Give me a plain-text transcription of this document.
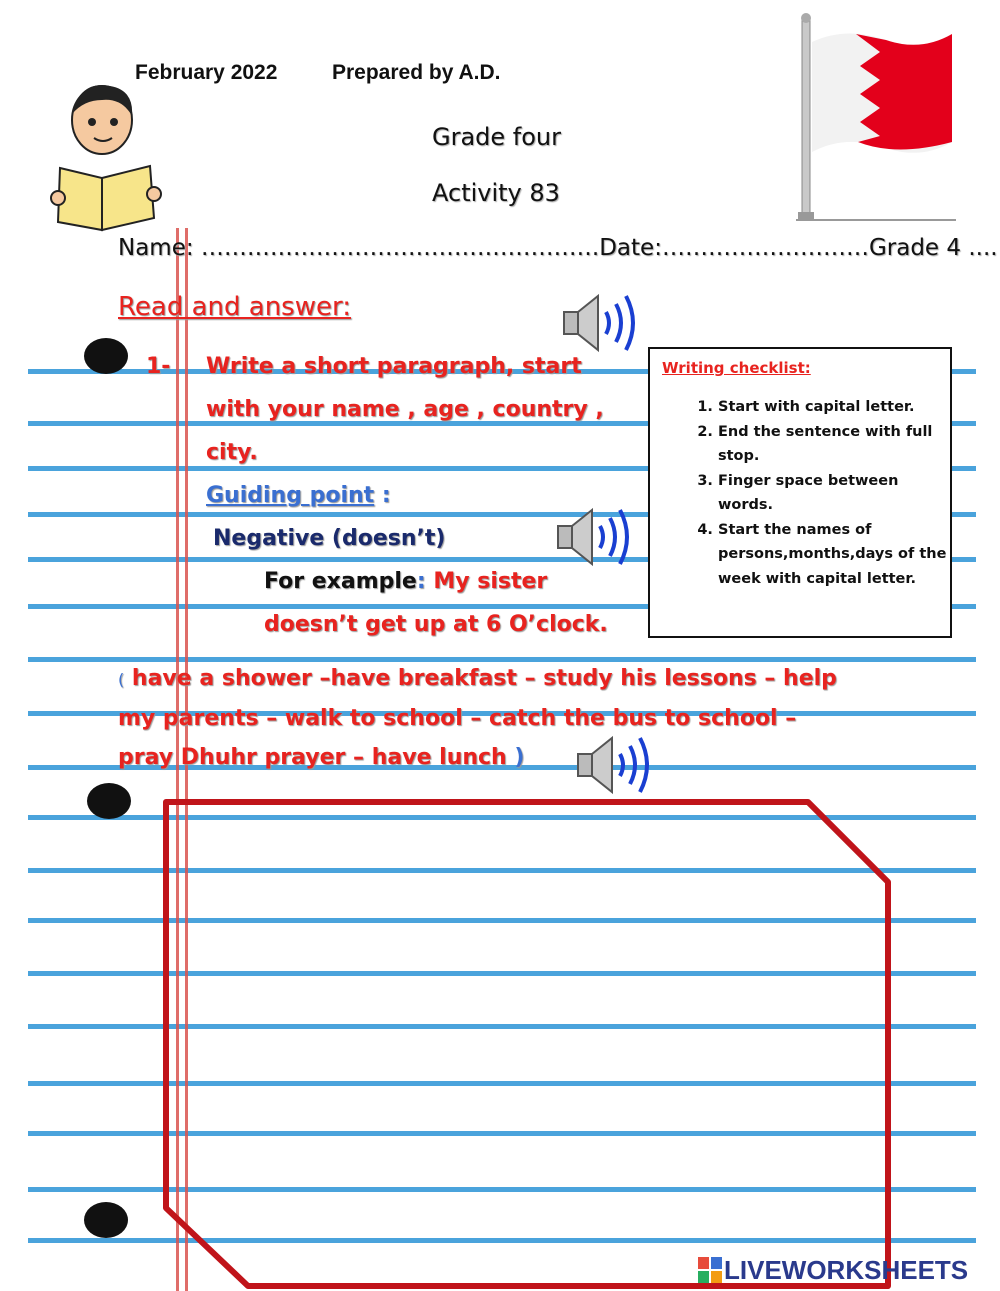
February 2022	Prepared by A.D.
Grade four
Activity 83
Name: …………………………………………….Date:………………………Grade 4 ....
Read and answer:
1- Write a short paragraph, start
with your name , age , country ,
city.
Guiding point :
Negative (doesn’t)
For example: My sister
doesn’t get up at 6 O’clock.
Writing checklist:
1. Start with capital letter.
2. End the sentence with full stop.
3. Finger space between words.
4. Start the names of persons,months,days of the week with capital letter.
( have a shower –have breakfast – study his lessons – help
my parents – walk to school – catch the bus to school –
pray Dhuhr prayer – have lunch )
LIVE WORKSHEETS
